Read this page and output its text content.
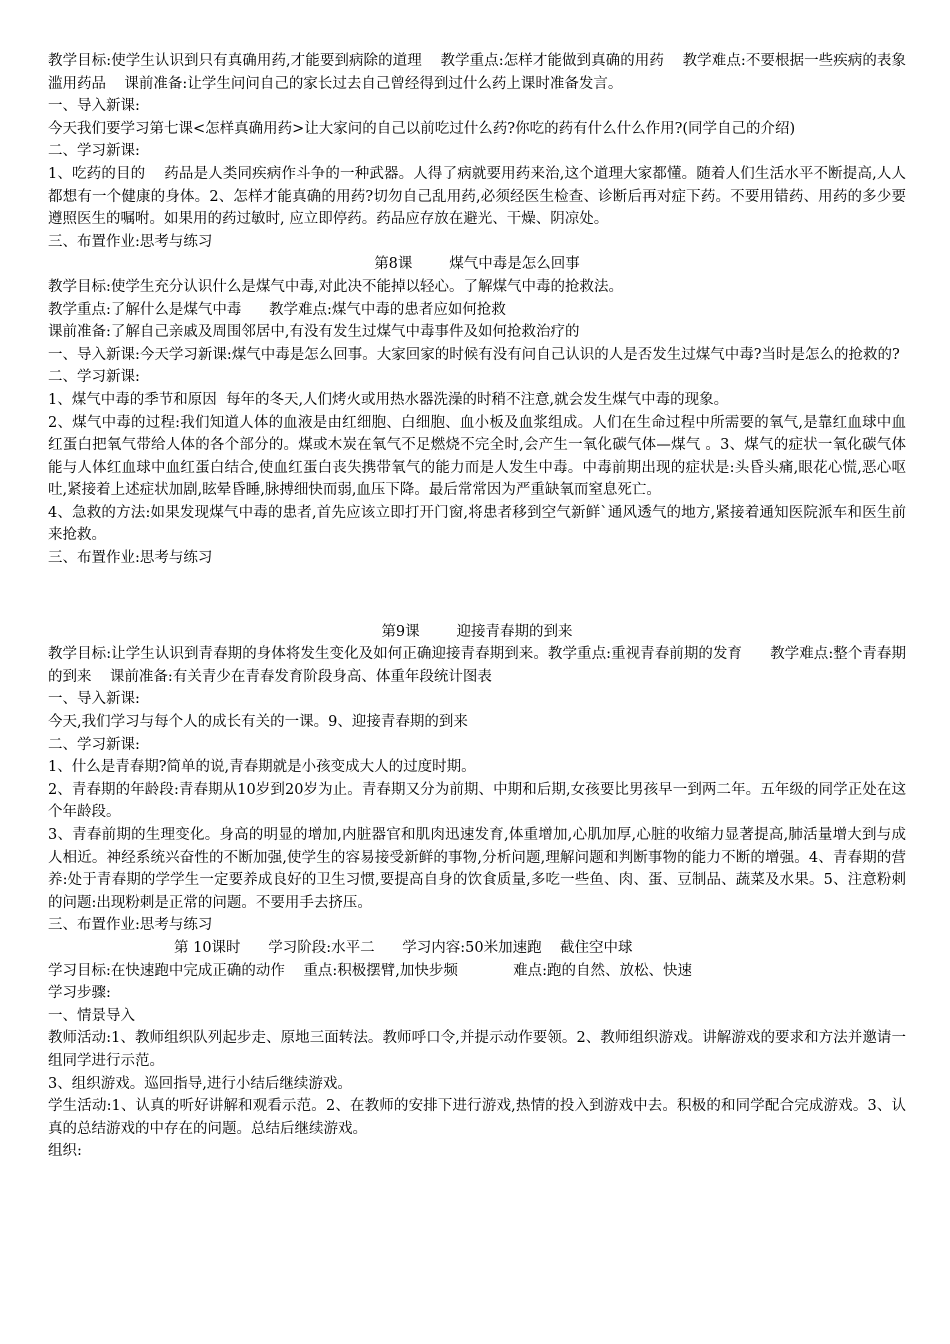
教学目标:使学生认识到只有真确用药,才能要到病除的道理    教学重点:怎样才能做到真确的用药    教学难点:不要根据一些疾病的表象滥用药品    课前准备:让学生问问自己的家长过去自己曾经得到过什么药上课时准备发言。

一、导入新课:

今天我们要学习第七课<怎样真确用药>让大家问的自己以前吃过什么药?你吃的药有什么什么作用?(同学自己的介绍)

二、学习新课:

1、吃药的目的    药品是人类同疾病作斗争的一种武器。人得了病就要用药来治,这个道理大家都懂。随着人们生活水平不断提高,人人都想有一个健康的身体。2、怎样才能真确的用药?切勿自己乱用药,必须经医生检查、诊断后再对症下药。不要用错药、用药的多少要遵照医生的嘱咐。如果用的药过敏时, 应立即停药。药品应存放在避光、干燥、阴凉处。

三、布置作业:思考与练习

第8课        煤气中毒是怎么回事

教学目标:使学生充分认识什么是煤气中毒,对此决不能掉以轻心。了解煤气中毒的抢救法。

教学重点:了解什么是煤气中毒      教学难点:煤气中毒的患者应如何抢救

课前准备:了解自己亲戚及周围邻居中,有没有发生过煤气中毒事件及如何抢救治疗的

一、导入新课:今天学习新课:煤气中毒是怎么回事。大家回家的时候有没有问自己认识的人是否发生过煤气中毒?当时是怎么的抢救的?

二、学习新课:

1、煤气中毒的季节和原因  每年的冬天,人们烤火或用热水器洗澡的时稍不注意,就会发生煤气中毒的现象。

2、煤气中毒的过程:我们知道人体的血液是由红细胞、白细胞、血小板及血浆组成。人们在生命过程中所需要的氧气,是靠红血球中血红蛋白把氧气带给人体的各个部分的。煤或木炭在氧气不足燃烧不完全时,会产生一氧化碳气体—煤气 。3、煤气的症状一氧化碳气体能与人体红血球中血红蛋白结合,使血红蛋白丧失携带氧气的能力而是人发生中毒。中毒前期出现的症状是:头昏头痛,眼花心慌,恶心呕吐,紧接着上述症状加剧,眩晕昏睡,脉搏细快而弱,血压下降。最后常常因为严重缺氧而窒息死亡。

4、急救的方法:如果发现煤气中毒的患者,首先应该立即打开门窗,将患者移到空气新鲜`通风透气的地方,紧接着通知医院派车和医生前来抢救。

三、布置作业:思考与练习

第9课        迎接青春期的到来

教学目标:让学生认识到青春期的身体将发生变化及如何正确迎接青春期到来。教学重点:重视青春前期的发育      教学难点:整个青春期的到来    课前准备:有关青少在青春发育阶段身高、体重年段统计图表

一、导入新课:

今天,我们学习与每个人的成长有关的一课。9、迎接青春期的到来

二、学习新课:

1、什么是青春期?简单的说,青春期就是小孩变成大人的过度时期。

2、青春期的年龄段:青春期从10岁到20岁为止。青春期又分为前期、中期和后期,女孩要比男孩早一到两二年。五年级的同学正处在这个年龄段。

3、青春前期的生理变化。身高的明显的增加,内脏器官和肌肉迅速发育,体重增加,心肌加厚,心脏的收缩力显著提高,肺活量增大到与成人相近。神经系统兴奋性的不断加强,使学生的容易接受新鲜的事物,分析问题,理解问题和判断事物的能力不断的增强。4、青春期的营养:处于青春期的学学生一定要养成良好的卫生习惯,要提高自身的饮食质量,多吃一些鱼、肉、蛋、豆制品、蔬菜及水果。5、注意粉刺的问题:出现粉刺是正常的问题。不要用手去挤压。

三、布置作业:思考与练习

第 10课时      学习阶段:水平二      学习内容:50米加速跑    截住空中球

学习目标:在快速跑中完成正确的动作    重点:积极摆臂,加快步频            难点:跑的自然、放松、快速

学习步骤:

一、情景导入

教师活动:1、教师组织队列起步走、原地三面转法。教师呼口令,并提示动作要领。2、教师组织游戏。讲解游戏的要求和方法并邀请一组同学进行示范。

3、组织游戏。巡回指导,进行小结后继续游戏。

学生活动:1、认真的听好讲解和观看示范。2、在教师的安排下进行游戏,热情的投入到游戏中去。积极的和同学配合完成游戏。3、认真的总结游戏的中存在的问题。总结后继续游戏。

组织:
